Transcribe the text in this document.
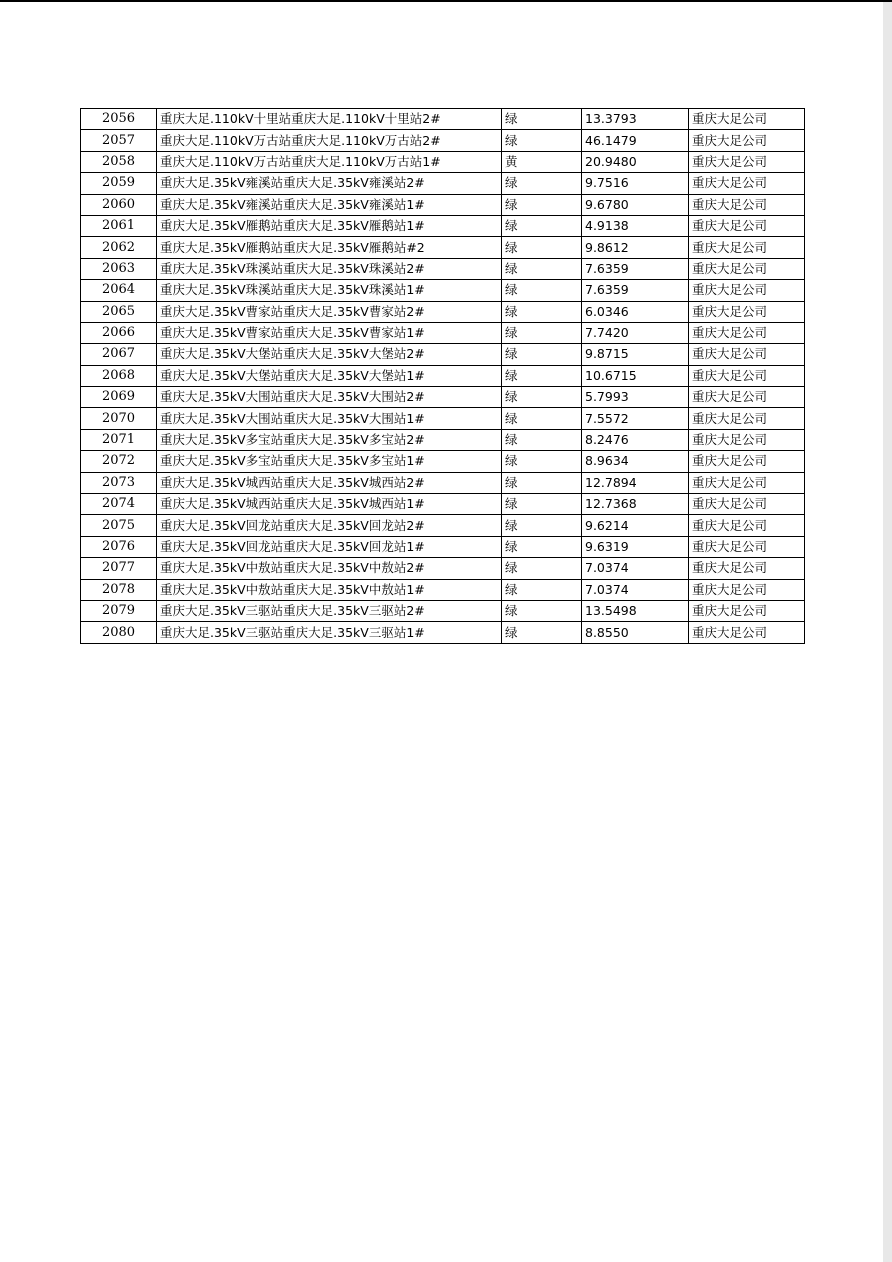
2056	重庆大足.110kV十里站重庆大足.110kV十里站2#	绿	13.3793	重庆大足公司
2057	重庆大足.110kV万古站重庆大足.110kV万古站2#	绿	46.1479	重庆大足公司
2058	重庆大足.110kV万古站重庆大足.110kV万古站1#	黄	20.9480	重庆大足公司
2059	重庆大足.35kV雍溪站重庆大足.35kV雍溪站2#	绿	9.7516	重庆大足公司
2060	重庆大足.35kV雍溪站重庆大足.35kV雍溪站1#	绿	9.6780	重庆大足公司
2061	重庆大足.35kV雁鹅站重庆大足.35kV雁鹅站1#	绿	4.9138	重庆大足公司
2062	重庆大足.35kV雁鹅站重庆大足.35kV雁鹅站#2	绿	9.8612	重庆大足公司
2063	重庆大足.35kV珠溪站重庆大足.35kV珠溪站2#	绿	7.6359	重庆大足公司
2064	重庆大足.35kV珠溪站重庆大足.35kV珠溪站1#	绿	7.6359	重庆大足公司
2065	重庆大足.35kV曹家站重庆大足.35kV曹家站2#	绿	6.0346	重庆大足公司
2066	重庆大足.35kV曹家站重庆大足.35kV曹家站1#	绿	7.7420	重庆大足公司
2067	重庆大足.35kV大堡站重庆大足.35kV大堡站2#	绿	9.8715	重庆大足公司
2068	重庆大足.35kV大堡站重庆大足.35kV大堡站1#	绿	10.6715	重庆大足公司
2069	重庆大足.35kV大围站重庆大足.35kV大围站2#	绿	5.7993	重庆大足公司
2070	重庆大足.35kV大围站重庆大足.35kV大围站1#	绿	7.5572	重庆大足公司
2071	重庆大足.35kV多宝站重庆大足.35kV多宝站2#	绿	8.2476	重庆大足公司
2072	重庆大足.35kV多宝站重庆大足.35kV多宝站1#	绿	8.9634	重庆大足公司
2073	重庆大足.35kV城西站重庆大足.35kV城西站2#	绿	12.7894	重庆大足公司
2074	重庆大足.35kV城西站重庆大足.35kV城西站1#	绿	12.7368	重庆大足公司
2075	重庆大足.35kV回龙站重庆大足.35kV回龙站2#	绿	9.6214	重庆大足公司
2076	重庆大足.35kV回龙站重庆大足.35kV回龙站1#	绿	9.6319	重庆大足公司
2077	重庆大足.35kV中敖站重庆大足.35kV中敖站2#	绿	7.0374	重庆大足公司
2078	重庆大足.35kV中敖站重庆大足.35kV中敖站1#	绿	7.0374	重庆大足公司
2079	重庆大足.35kV三驱站重庆大足.35kV三驱站2#	绿	13.5498	重庆大足公司
2080	重庆大足.35kV三驱站重庆大足.35kV三驱站1#	绿	8.8550	重庆大足公司
